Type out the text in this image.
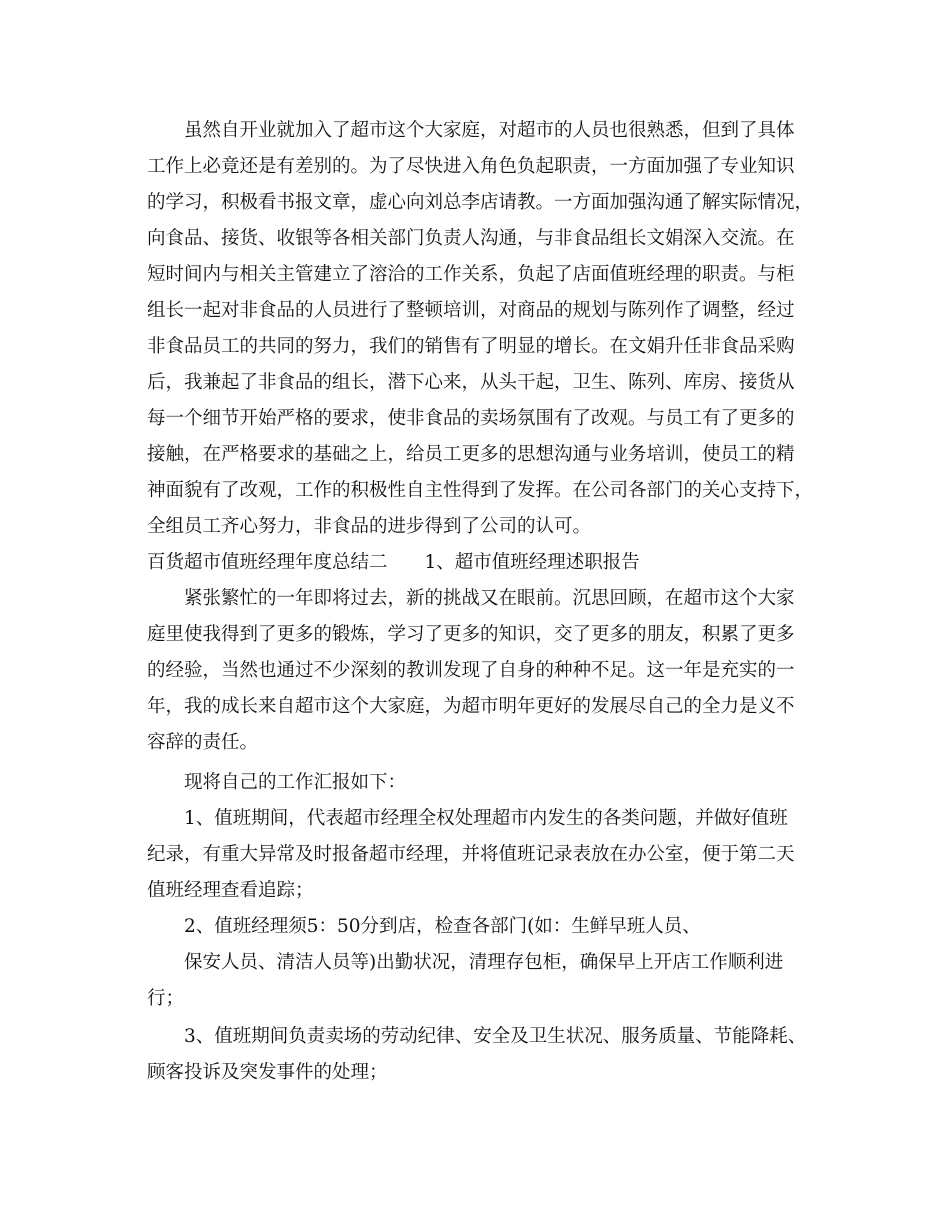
虽然自开业就加入了超市这个大家庭，对超市的人员也很熟悉，但到了具体
工作上必竟还是有差别的。为了尽快进入角色负起职责，一方面加强了专业知识
的学习，积极看书报文章，虚心向刘总李店请教。一方面加强沟通了解实际情况，
向食品、接货、收银等各相关部门负责人沟通，与非食品组长文娟深入交流。在
短时间内与相关主管建立了溶洽的工作关系，负起了店面值班经理的职责。与柜
组长一起对非食品的人员进行了整顿培训，对商品的规划与陈列作了调整，经过
非食品员工的共同的努力，我们的销售有了明显的增长。在文娟升任非食品采购
后，我兼起了非食品的组长，潜下心来，从头干起，卫生、陈列、库房、接货从
每一个细节开始严格的要求，使非食品的卖场氛围有了改观。与员工有了更多的
接触，在严格要求的基础之上，给员工更多的思想沟通与业务培训，使员工的精
神面貌有了改观，工作的积极性自主性得到了发挥。在公司各部门的关心支持下，
全组员工齐心努力，非食品的进步得到了公司的认可。
百货超市值班经理年度总结二　　1、超市值班经理述职报告
紧张繁忙的一年即将过去，新的挑战又在眼前。沉思回顾，在超市这个大家
庭里使我得到了更多的锻炼，学习了更多的知识，交了更多的朋友，积累了更多
的经验，当然也通过不少深刻的教训发现了自身的种种不足。这一年是充实的一
年，我的成长来自超市这个大家庭，为超市明年更好的发展尽自己的全力是义不
容辞的责任。
现将自己的工作汇报如下：
1、值班期间，代表超市经理全权处理超市内发生的各类问题，并做好值班
纪录，有重大异常及时报备超市经理，并将值班记录表放在办公室，便于第二天
值班经理查看追踪；
2、值班经理须5：50分到店，检查各部门(如：生鲜早班人员、
保安人员、清洁人员等)出勤状况，清理存包柜，确保早上开店工作顺利进
行；
3、值班期间负责卖场的劳动纪律、安全及卫生状况、服务质量、节能降耗、
顾客投诉及突发事件的处理；
